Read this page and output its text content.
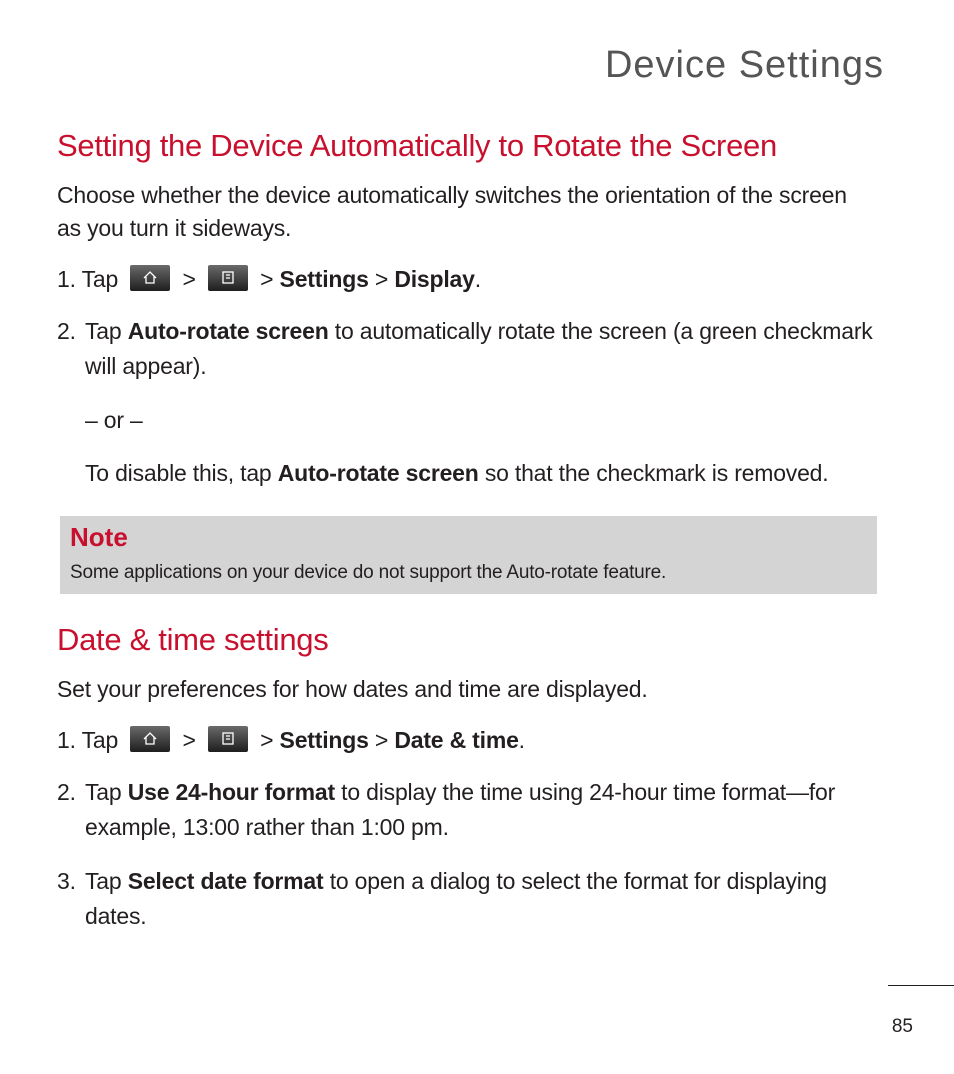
Device Settings
Setting the Device Automatically to Rotate the Screen

Choose whether the device automatically switches the orientation of the screen

as you turn it sideways.

1. Tap	>	> Settings > Display.
2. Tap Auto-rotate screen to automatically rotate the screen (a green checkmark
will appear).

– or –

To disable this, tap Auto-rotate screen so that the checkmark is removed.

Note

Some applications on your device do not support the Auto-rotate feature.

Date & time settings

Set your preferences for how dates and time are displayed.

1. Tap	>	> Settings > Date & time.
2. Tap Use 24-hour format to display the time using 24-hour time format—for
example, 13:00 rather than 1:00 pm.
3. Tap Select date format to open a dialog to select the format for displaying
dates.
85
